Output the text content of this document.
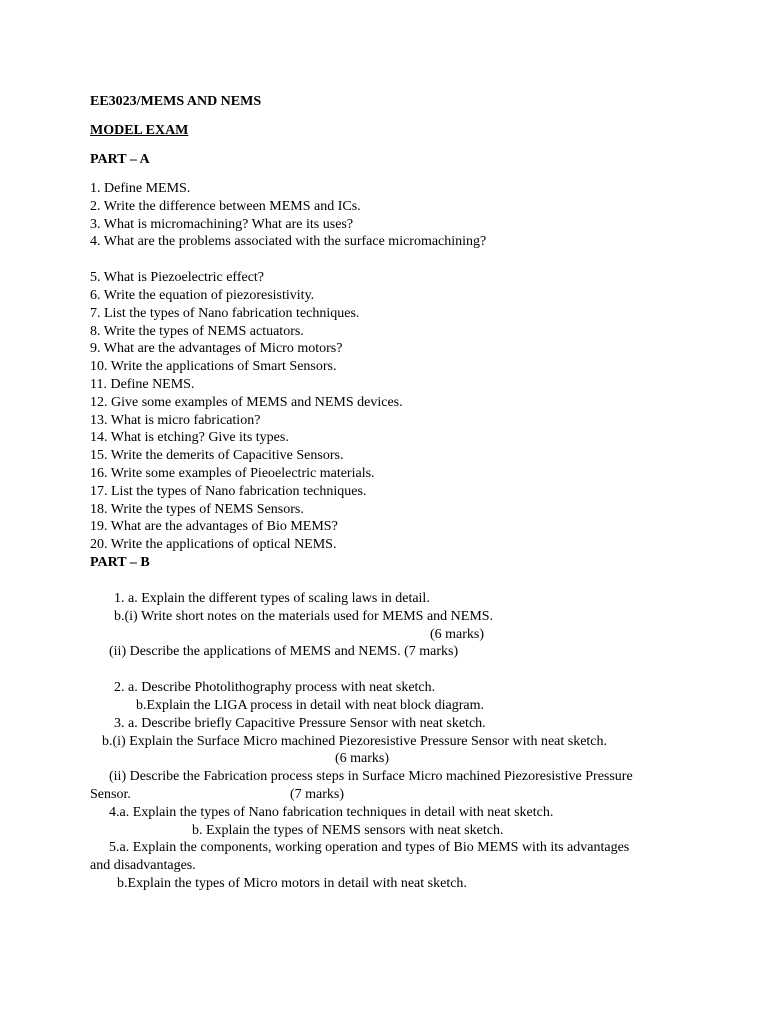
EE3023/MEMS AND NEMS
MODEL EXAM
PART – A
1. Define MEMS.
2. Write the difference between MEMS and ICs.
3. What is micromachining? What are its uses?
4. What are the problems associated with the surface micromachining?
5. What is Piezoelectric effect?
6. Write the equation of piezoresistivity.
7. List the types of Nano fabrication techniques.
8. Write the types of NEMS actuators.
9. What are the advantages of Micro motors?
10. Write the applications of Smart Sensors.
11. Define NEMS.
12. Give some examples of MEMS and NEMS devices.
13. What is micro fabrication?
14. What is etching? Give its types.
15. Write the demerits of Capacitive Sensors.
16. Write some examples of Pieoelectric materials.
17. List the types of Nano fabrication techniques.
18. Write the types of NEMS Sensors.
19. What are the advantages of Bio MEMS?
20. Write the applications of optical NEMS.
PART – B
1. a. Explain the different types of scaling laws in detail.
b.(i) Write short notes on the materials used for MEMS and NEMS.
(6 marks)
(ii) Describe the applications of MEMS and NEMS. (7 marks)
2. a. Describe Photolithography process with neat sketch.
b.Explain the LIGA process in detail with neat block diagram.
3. a. Describe briefly Capacitive Pressure Sensor with neat sketch.
b.(i) Explain the Surface Micro machined Piezoresistive Pressure Sensor with neat sketch.
(6 marks)
(ii) Describe the Fabrication process steps in Surface Micro machined Piezoresistive Pressure
Sensor.	(7 marks)
4.a. Explain the types of Nano fabrication techniques in detail with neat sketch.
b. Explain the types of NEMS sensors with neat sketch.
5.a. Explain the components, working operation and types of Bio MEMS with its advantages
and disadvantages.
b.Explain the types of Micro motors in detail with neat sketch.
